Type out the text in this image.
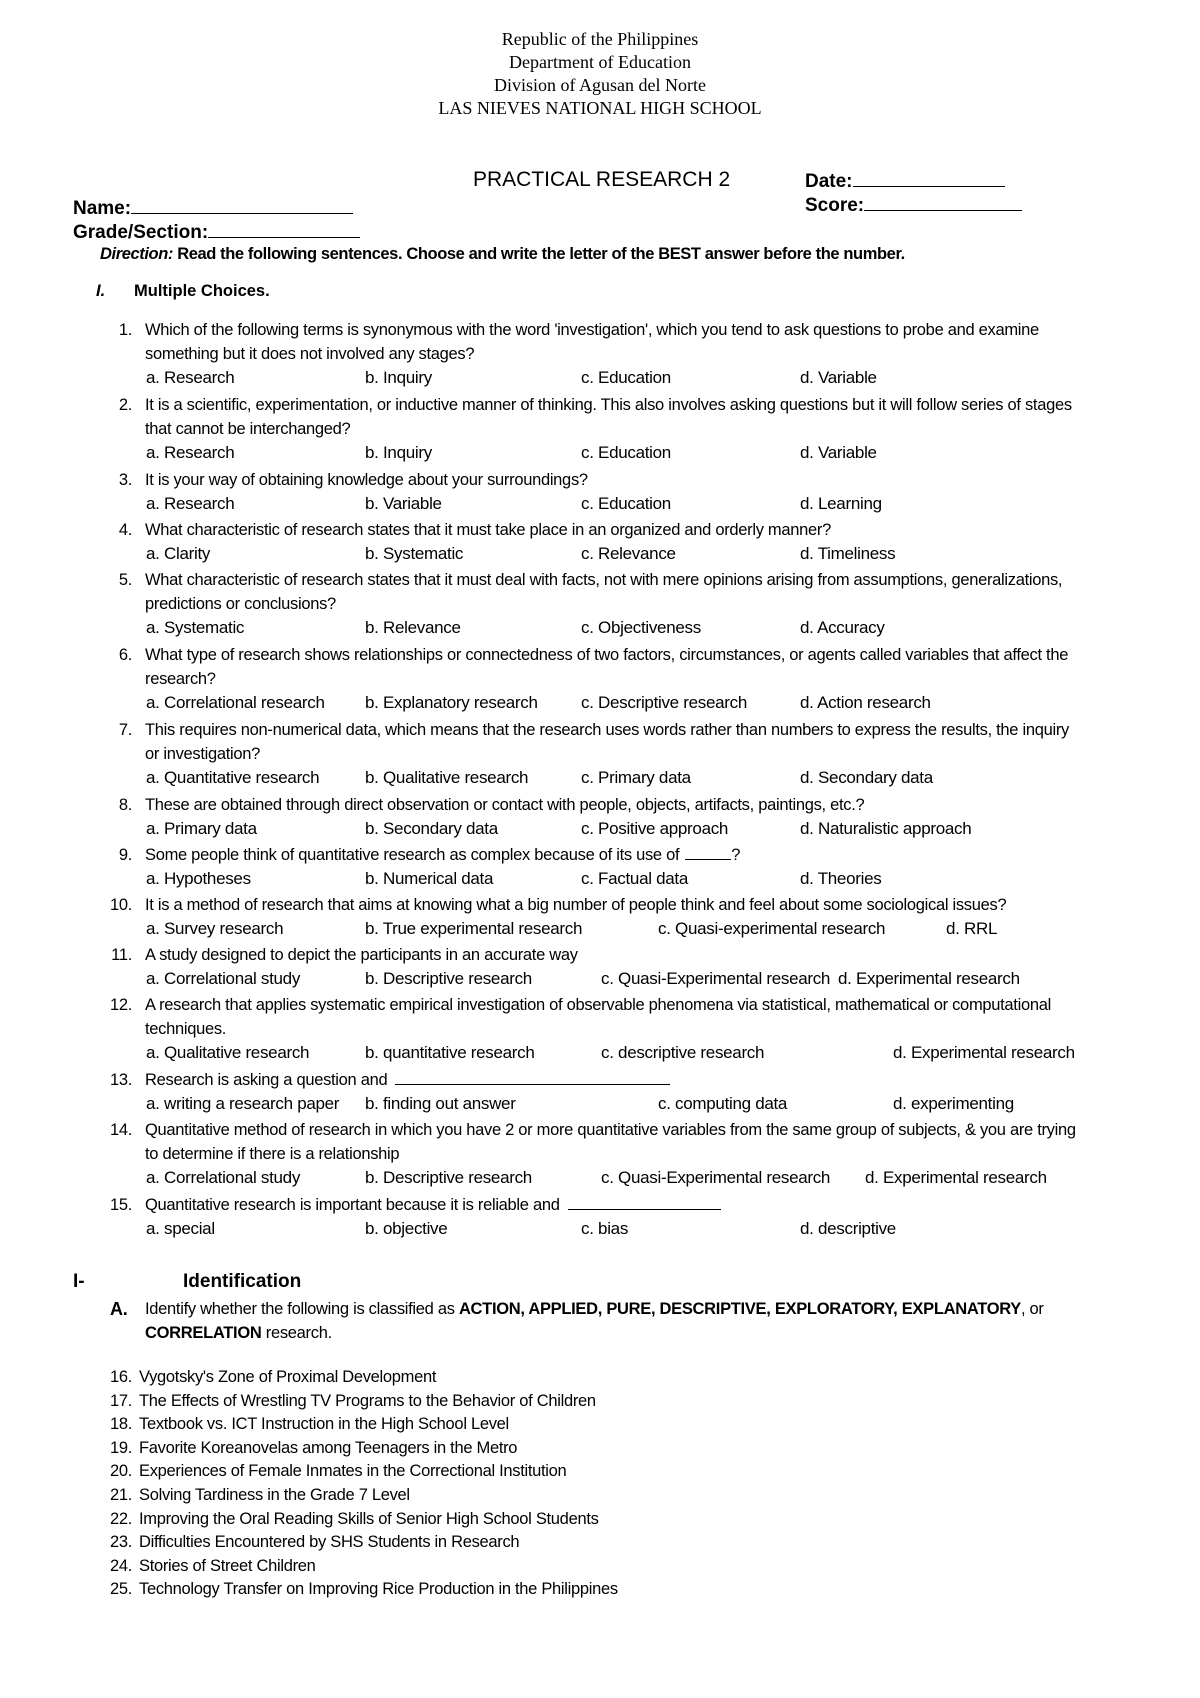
Republic of the Philippines
Department of Education
Division of Agusan del Norte
LAS NIEVES NATIONAL HIGH SCHOOL
PRACTICAL RESEARCH 2	Date:
Score:
Name:
Grade/Section:
Direction: Read the following sentences. Choose and write the letter of the BEST answer before the number.
I. Multiple Choices.
1. Which of the following terms is synonymous with the word 'investigation', which you tend to ask questions to probe and examine
something but it does not involved any stages?
a. Research	b. Inquiry	c. Education	d. Variable
2. It is a scientific, experimentation, or inductive manner of thinking. This also involves asking questions but it will follow series of stages
that cannot be interchanged?
a. Research	b. Inquiry	c. Education	d. Variable
3. It is your way of obtaining knowledge about your surroundings?
a. Research	b. Variable	c. Education	d. Learning
4. What characteristic of research states that it must take place in an organized and orderly manner?
a. Clarity	b. Systematic	c. Relevance	d. Timeliness
5. What characteristic of research states that it must deal with facts, not with mere opinions arising from assumptions, generalizations,
predictions or conclusions?
a. Systematic	b. Relevance	c. Objectiveness	d. Accuracy
6. What type of research shows relationships or connectedness of two factors, circumstances, or agents called variables that affect the
research?
a. Correlational research b. Explanatory research	c. Descriptive research	d. Action research
7. This requires non-numerical data, which means that the research uses words rather than numbers to express the results, the inquiry
or investigation?
a. Quantitative research	b. Qualitative research	c. Primary data	d. Secondary data
8. These are obtained through direct observation or contact with people, objects, artifacts, paintings, etc.?
a. Primary data	b. Secondary data	c. Positive approach	d. Naturalistic approach
9. Some people think of quantitative research as complex because of its use of	?
a. Hypotheses	b. Numerical data	c. Factual data	d. Theories
10. It is a method of research that aims at knowing what a big number of people think and feel about some sociological issues?
a. Survey research	b. True experimental research	c. Quasi-experimental research	d. RRL
11. A study designed to depict the participants in an accurate way
a. Correlational study	b. Descriptive research	c. Quasi-Experimental research d. Experimental research
12. A research that applies systematic empirical investigation of observable phenomena via statistical, mathematical or computational
techniques.
a. Qualitative research	b. quantitative research	c. descriptive research	d. Experimental research
13. Research is asking a question and
a. writing a research paper b. finding out answer	c. computing data	d. experimenting
14. Quantitative method of research in which you have 2 or more quantitative variables from the same group of subjects, & you are trying
to determine if there is a relationship
a. Correlational study	b. Descriptive research	c. Quasi-Experimental research d. Experimental research
15. Quantitative research is important because it is reliable and
a. special	b. objective	c. bias	d. descriptive
I-	Identification
A. Identify whether the following is classified as ACTION, APPLIED, PURE, DESCRIPTIVE, EXPLORATORY, EXPLANATORY, or
CORRELATION research.
16. Vygotsky's Zone of Proximal Development
17. The Effects of Wrestling TV Programs to the Behavior of Children
18. Textbook vs. ICT Instruction in the High School Level
19. Favorite Koreanovelas among Teenagers in the Metro
20. Experiences of Female Inmates in the Correctional Institution
21. Solving Tardiness in the Grade 7 Level
22. Improving the Oral Reading Skills of Senior High School Students
23. Difficulties Encountered by SHS Students in Research
24. Stories of Street Children
25. Technology Transfer on Improving Rice Production in the Philippines
